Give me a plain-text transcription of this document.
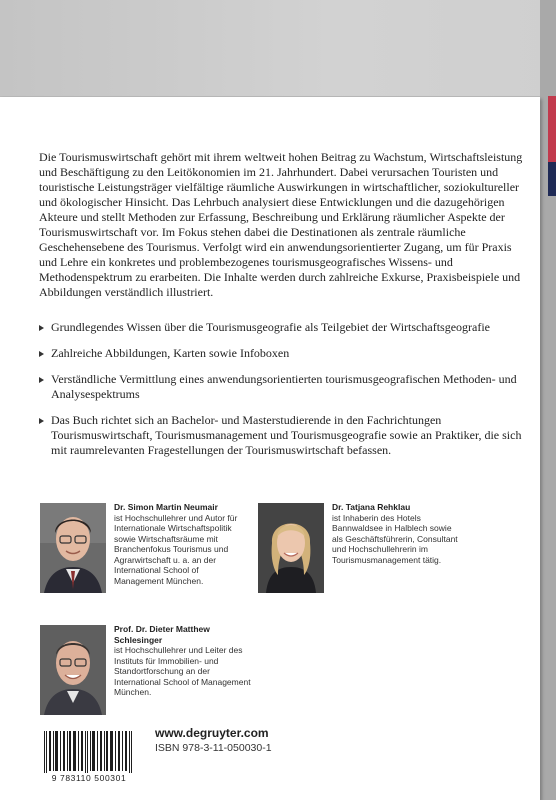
Die Tourismuswirtschaft gehört mit ihrem weltweit hohen Beitrag zu Wachstum, Wirtschaftsleistung und Beschäftigung zu den Leitökonomien im 21. Jahrhundert. Dabei verursachen Touristen und touristische Leistungsträger vielfältige räumliche Auswirkungen in wirtschaftlicher, soziokultureller und ökologischer Hinsicht. Das Lehrbuch analysiert diese Entwicklungen und die dazugehörigen Akteure und stellt Methoden zur Erfassung, Beschreibung und Erklärung räumlicher Aspekte der Tourismuswirtschaft vor. Im Fokus stehen dabei die Destinationen als zentrale räumliche Geschehensebene des Tourismus. Verfolgt wird ein anwendungsorientierter Zugang, um für Praxis und Lehre ein konkretes und problembezogenes tourismusgeografisches Wissens- und Methodenspektrum zu erarbeiten. Die Inhalte werden durch zahlreiche Exkurse, Praxisbeispiele und Abbildungen verständlich illustriert.

Grundlegendes Wissen über die Tourismusgeografie als Teilgebiet der Wirtschaftsgeografie
Zahlreiche Abbildungen, Karten sowie Infoboxen
Verständliche Vermittlung eines anwendungsorientierten tourismusgeografischen Methoden- und Analysespektrums
Das Buch richtet sich an Bachelor- und Masterstudierende in den Fachrichtungen Tourismuswirtschaft, Tourismusmanagement und Tourismusgeografie sowie an Praktiker, die sich mit raumrelevanten Fragestellungen der Tourismuswirtschaft befassen.
Dr. Simon Martin Neumair
ist Hochschullehrer und Autor für Internationale Wirtschaftspolitik sowie Wirtschaftsräume mit Branchenfokus Tourismus und Agrarwirtschaft u. a. an der International School of Management München.
Dr. Tatjana Rehklau
ist Inhaberin des Hotels Bannwaldsee in Halblech sowie als Geschäftsführerin, Consultant und Hochschullehrerin im Tourismusmanagement tätig.
Prof. Dr. Dieter Matthew Schlesinger
ist Hochschullehrer und Leiter des Instituts für Immobilien- und Standortforschung an der International School of Management München.
www.degruyter.com
ISBN 978-3-11-050030-1
9 783110 500301
